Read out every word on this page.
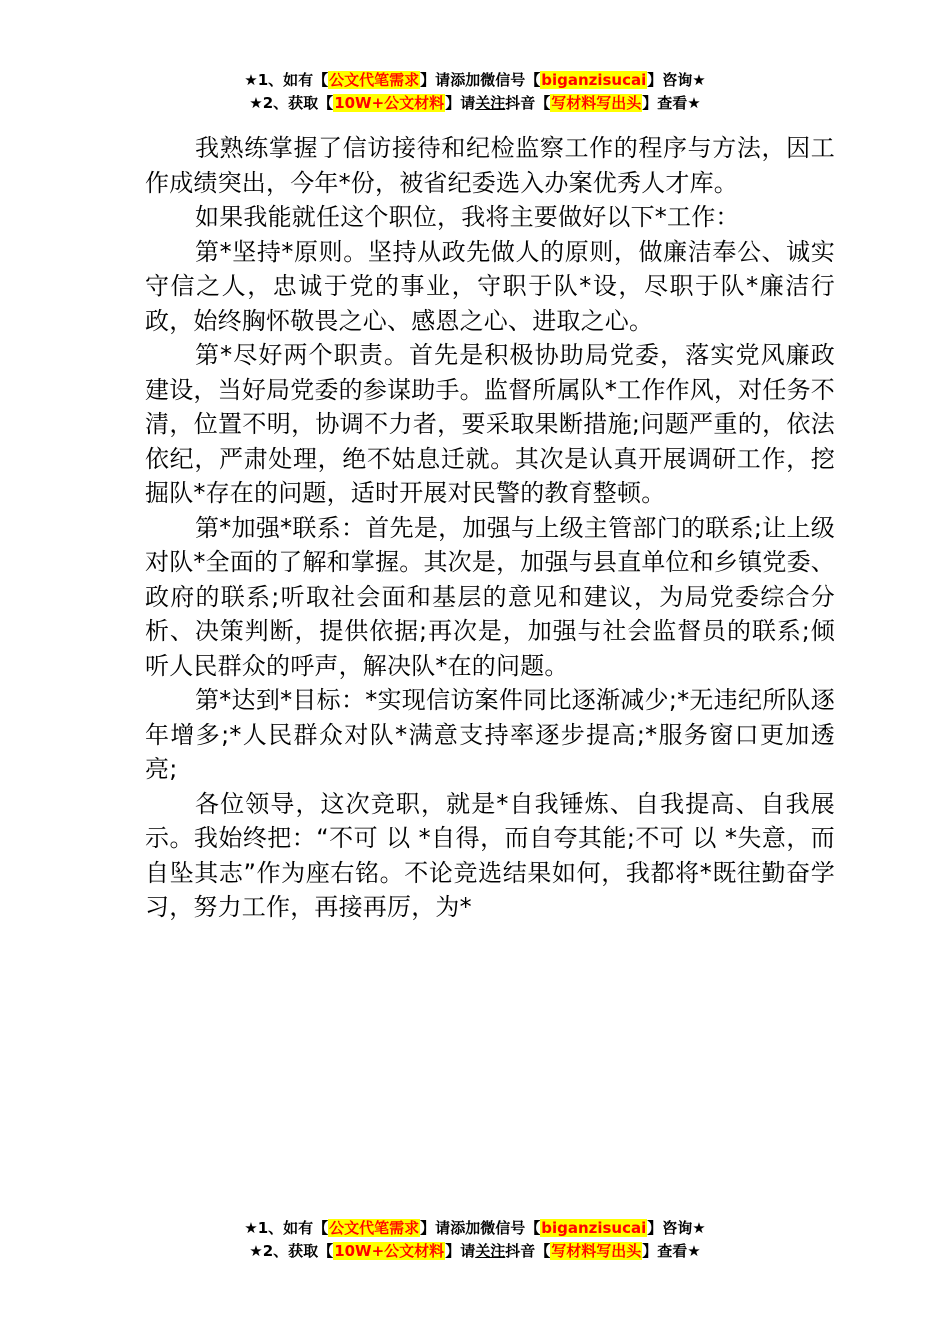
★1、如有【公文代笔需求】请添加微信号【biganzisucai】咨询★
★2、获取【10W+公文材料】请关注抖音【写材料写出头】查看★

我熟练掌握了信访接待和纪检监察工作的程序与方法，因工作成绩突出，今年*份，被省纪委选入办案优秀人才库。

如果我能就任这个职位，我将主要做好以下*工作：

第*坚持*原则。坚持从政先做人的原则，做廉洁奉公、诚实守信之人，忠诚于党的事业，守职于队*设，尽职于队*廉洁行政，始终胸怀敬畏之心、感恩之心、进取之心。

第*尽好两个职责。首先是积极协助局党委，落实党风廉政建设，当好局党委的参谋助手。监督所属队*工作作风，对任务不清，位置不明，协调不力者，要采取果断措施;问题严重的，依法依纪，严肃处理，绝不姑息迁就。其次是认真开展调研工作，挖掘队*存在的问题，适时开展对民警的教育整顿。

第*加强*联系：首先是，加强与上级主管部门的联系;让上级对队*全面的了解和掌握。其次是，加强与县直单位和乡镇党委、政府的联系;听取社会面和基层的意见和建议，为局党委综合分析、决策判断，提供依据;再次是，加强与社会监督员的联系;倾听人民群众的呼声，解决队*在的问题。

第*达到*目标：*实现信访案件同比逐渐减少;*无违纪所队逐年增多;*人民群众对队*满意支持率逐步提高;*服务窗口更加透亮;

各位领导，这次竞职，就是*自我锤炼、自我提高、自我展示。我始终把：“不可 以 *自得，而自夸其能;不可 以 *失意，而自坠其志”作为座右铭。不论竞选结果如何，我都将*既往勤奋学习，努力工作，再接再厉，为*

★1、如有【公文代笔需求】请添加微信号【biganzisucai】咨询★
★2、获取【10W+公文材料】请关注抖音【写材料写出头】查看★
